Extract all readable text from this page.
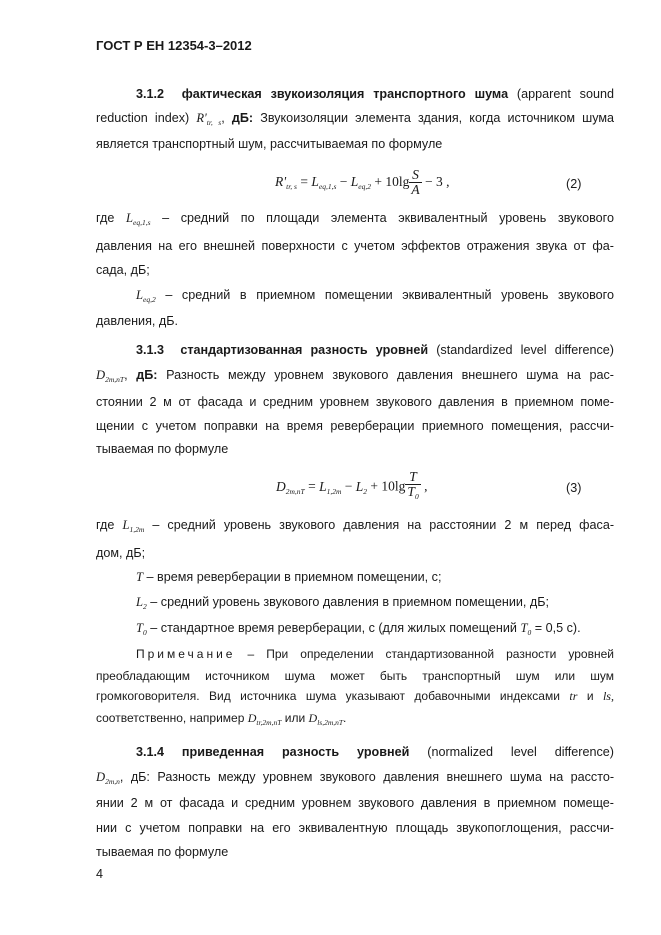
ГОСТ Р ЕН 12354-3–2012
3.1.2 фактическая звукоизоляция транспортного шума (apparent sound
reduction index) $R'_{tr, s}$, дБ: Звукоизоляции элемента здания, когда источником шума
является транспортный шум, рассчитываемая по формуле
$R'_{tr, s} = L_{eq,1,s} - L_{eq,2} + 10\lg \frac{S}{A} - 3$ ,	(2)
где $L_{eq,1,s}$ – средний по площади элемента эквивалентный уровень звукового
давления на его внешней поверхности с учетом эффектов отражения звука от фа-
сада, дБ;
$L_{eq,2}$ – средний в приемном помещении эквивалентный уровень звукового
давления, дБ.
3.1.3 стандартизованная разность уровней (standardized level difference)
$D_{2m,nT}$, дБ: Разность между уровнем звукового давления внешнего шума на рас-
стоянии 2 м от фасада и средним уровнем звукового давления в приемном поме-
щении с учетом поправки на время реверберации приемного помещения, рассчи-
тываемая по формуле
$D_{2m,nT} = L_{1,2m} - L_2 + 10\lg \frac{T}{T_0}$ ,	(3)
где $L_{1,2m}$ – средний уровень звукового давления на расстоянии 2 м перед фаса-
дом, дБ;
T – время реверберации в приемном помещении, с;
$L_2$ – средний уровень звукового давления в приемном помещении, дБ;
$T_0$ – стандартное время реверберации, с (для жилых помещений $T_0 = 0,5$ с).
Примечание – При определении стандартизованной разности уровней
преобладающим источником шума может быть транспортный шум или шум
громкоговорителя. Вид источника шума указывают добавочными индексами tr и ls,
соответственно, например $D_{tr,2m,nT}$ или $D_{ls,2m,nT}$.
3.1.4 приведенная разность уровней (normalized level difference)
$D_{2m,n}$, дБ: Разность между уровнем звукового давления внешнего шума на рассто-
янии 2 м от фасада и средним уровнем звукового давления в приемном помеще-
нии с учетом поправки на его эквивалентную площадь звукопоглощения, рассчи-
тываемая по формуле
4
